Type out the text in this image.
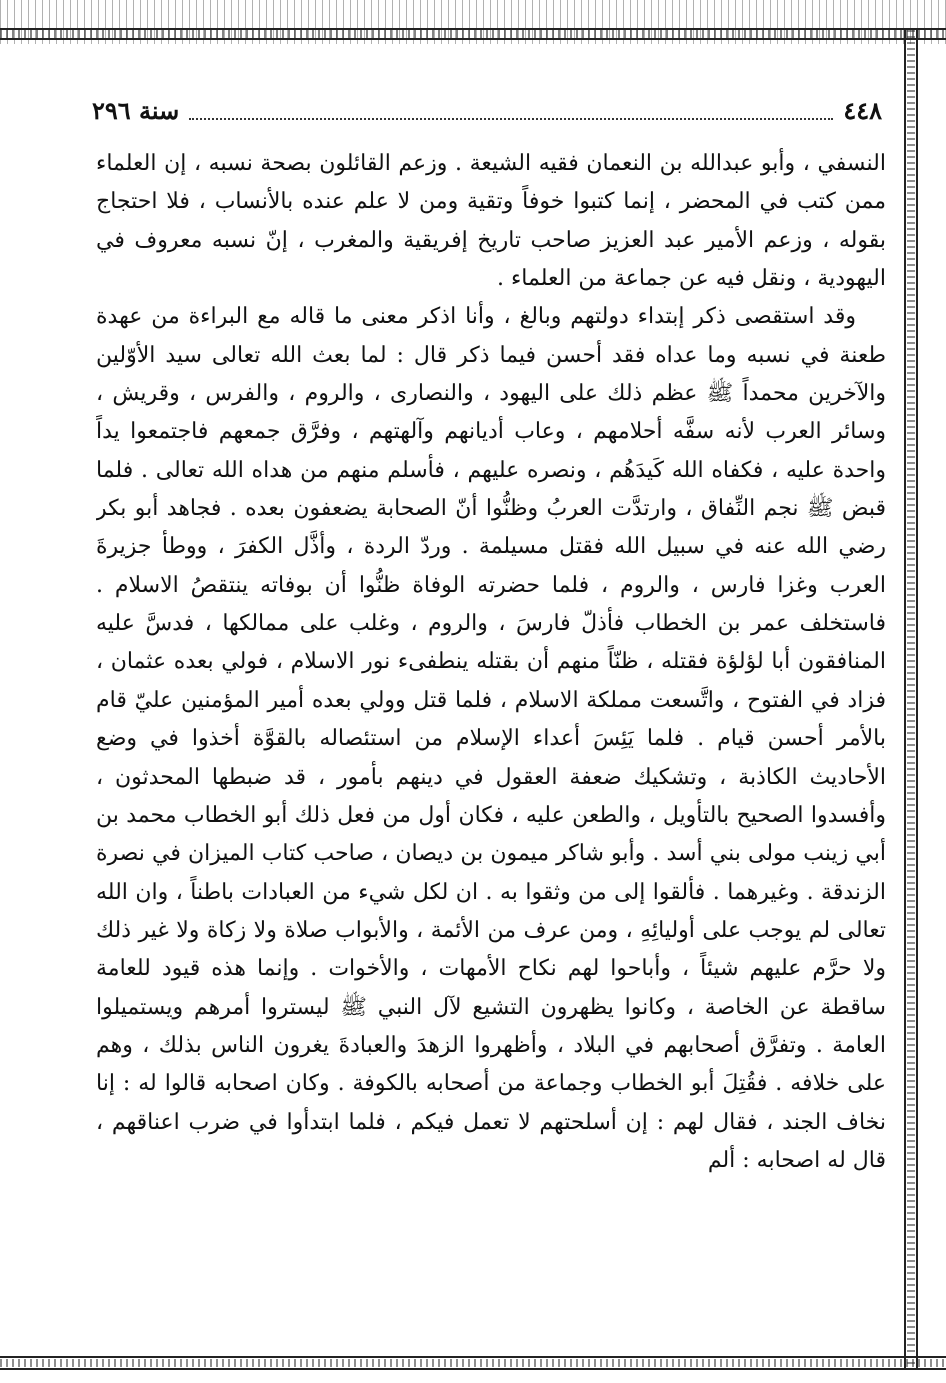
٤٤٨
سنة ٢٩٦

النسفي ، وأبو عبدالله بن النعمان فقيه الشيعة . وزعم القائلون بصحة نسبه ، إن العلماء ممن كتب في المحضر ، إنما كتبوا خوفاً وتقية ومن لا علم عنده بالأنساب ، فلا احتجاج بقوله ، وزعم الأمير عبد العزيز صاحب تاريخ إفريقية والمغرب ، إنّ نسبه معروف في اليهودية ، ونقل فيه عن جماعة من العلماء .

وقد استقصى ذكر إبتداء دولتهم وبالغ ، وأنا اذكر معنى ما قاله مع البراءة من عهدة طعنة في نسبه وما عداه فقد أحسن فيما ذكر قال : لما بعث الله تعالى سيد الأوّلين والآخرين محمداً ﷺ عظم ذلك على اليهود ، والنصارى ، والروم ، والفرس ، وقريش ، وسائر العرب لأنه سفَّه أحلامهم ، وعاب أديانهم وآلهتهم ، وفرَّق جمعهم فاجتمعوا يداً واحدة عليه ، فكفاه الله كَيدَهُم ، ونصره عليهم ، فأسلم منهم من هداه الله تعالى . فلما قبض ﷺ نجم النِّفاق ، وارتدَّت العربُ وظنُّوا أنّ الصحابة يضعفون بعده . فجاهد أبو بكر رضي الله عنه في سبيل الله فقتل مسيلمة . وردّ الردة ، وأذَّل الكفرَ ، ووطأ جزيرةَ العرب وغزا فارس ، والروم ، فلما حضرته الوفاة ظنُّوا أن بوفاته ينتقصُ الاسلام . فاستخلف عمر بن الخطاب فأذلّ فارسَ ، والروم ، وغلب على ممالكها ، فدسَّ عليه المنافقون أبا لؤلؤة فقتله ، ظنّاً منهم أن بقتله ينطفىء نور الاسلام ، فولي بعده عثمان ، فزاد في الفتوح ، واتَّسعت مملكة الاسلام ، فلما قتل وولي بعده أمير المؤمنين عليّ قام بالأمر أحسن قيام . فلما يَئِسَ أعداء الإسلام من استئصاله بالقوَّة أخذوا في وضع الأحاديث الكاذبة ، وتشكيك ضعفة العقول في دينهم بأمور ، قد ضبطها المحدثون ، وأفسدوا الصحيح بالتأويل ، والطعن عليه ، فكان أول من فعل ذلك أبو الخطاب محمد بن أبي زينب مولى بني أسد . وأبو شاكر ميمون بن ديصان ، صاحب كتاب الميزان في نصرة الزندقة . وغيرهما . فألقوا إلى من وثقوا به . ان لكل شيء من العبادات باطناً ، وان الله تعالى لم يوجب على أوليائِهِ ، ومن عرف من الأئمة ، والأبواب صلاة ولا زكاة ولا غير ذلك ولا حرَّم عليهم شيئاً ، وأباحوا لهم نكاح الأمهات ، والأخوات . وإنما هذه قيود للعامة ساقطة عن الخاصة ، وكانوا يظهرون التشيع لآل النبي ﷺ ليستروا أمرهم ويستميلوا العامة . وتفرَّق أصحابهم في البلاد ، وأظهروا الزهدَ والعبادةَ يغرون الناس بذلك ، وهم على خلافه . فقُتِلَ أبو الخطاب وجماعة من أصحابه بالكوفة . وكان اصحابه قالوا له : إنا نخاف الجند ، فقال لهم : إن أسلحتهم لا تعمل فيكم ، فلما ابتدأوا في ضرب اعناقهم ، قال له اصحابه : ألم
